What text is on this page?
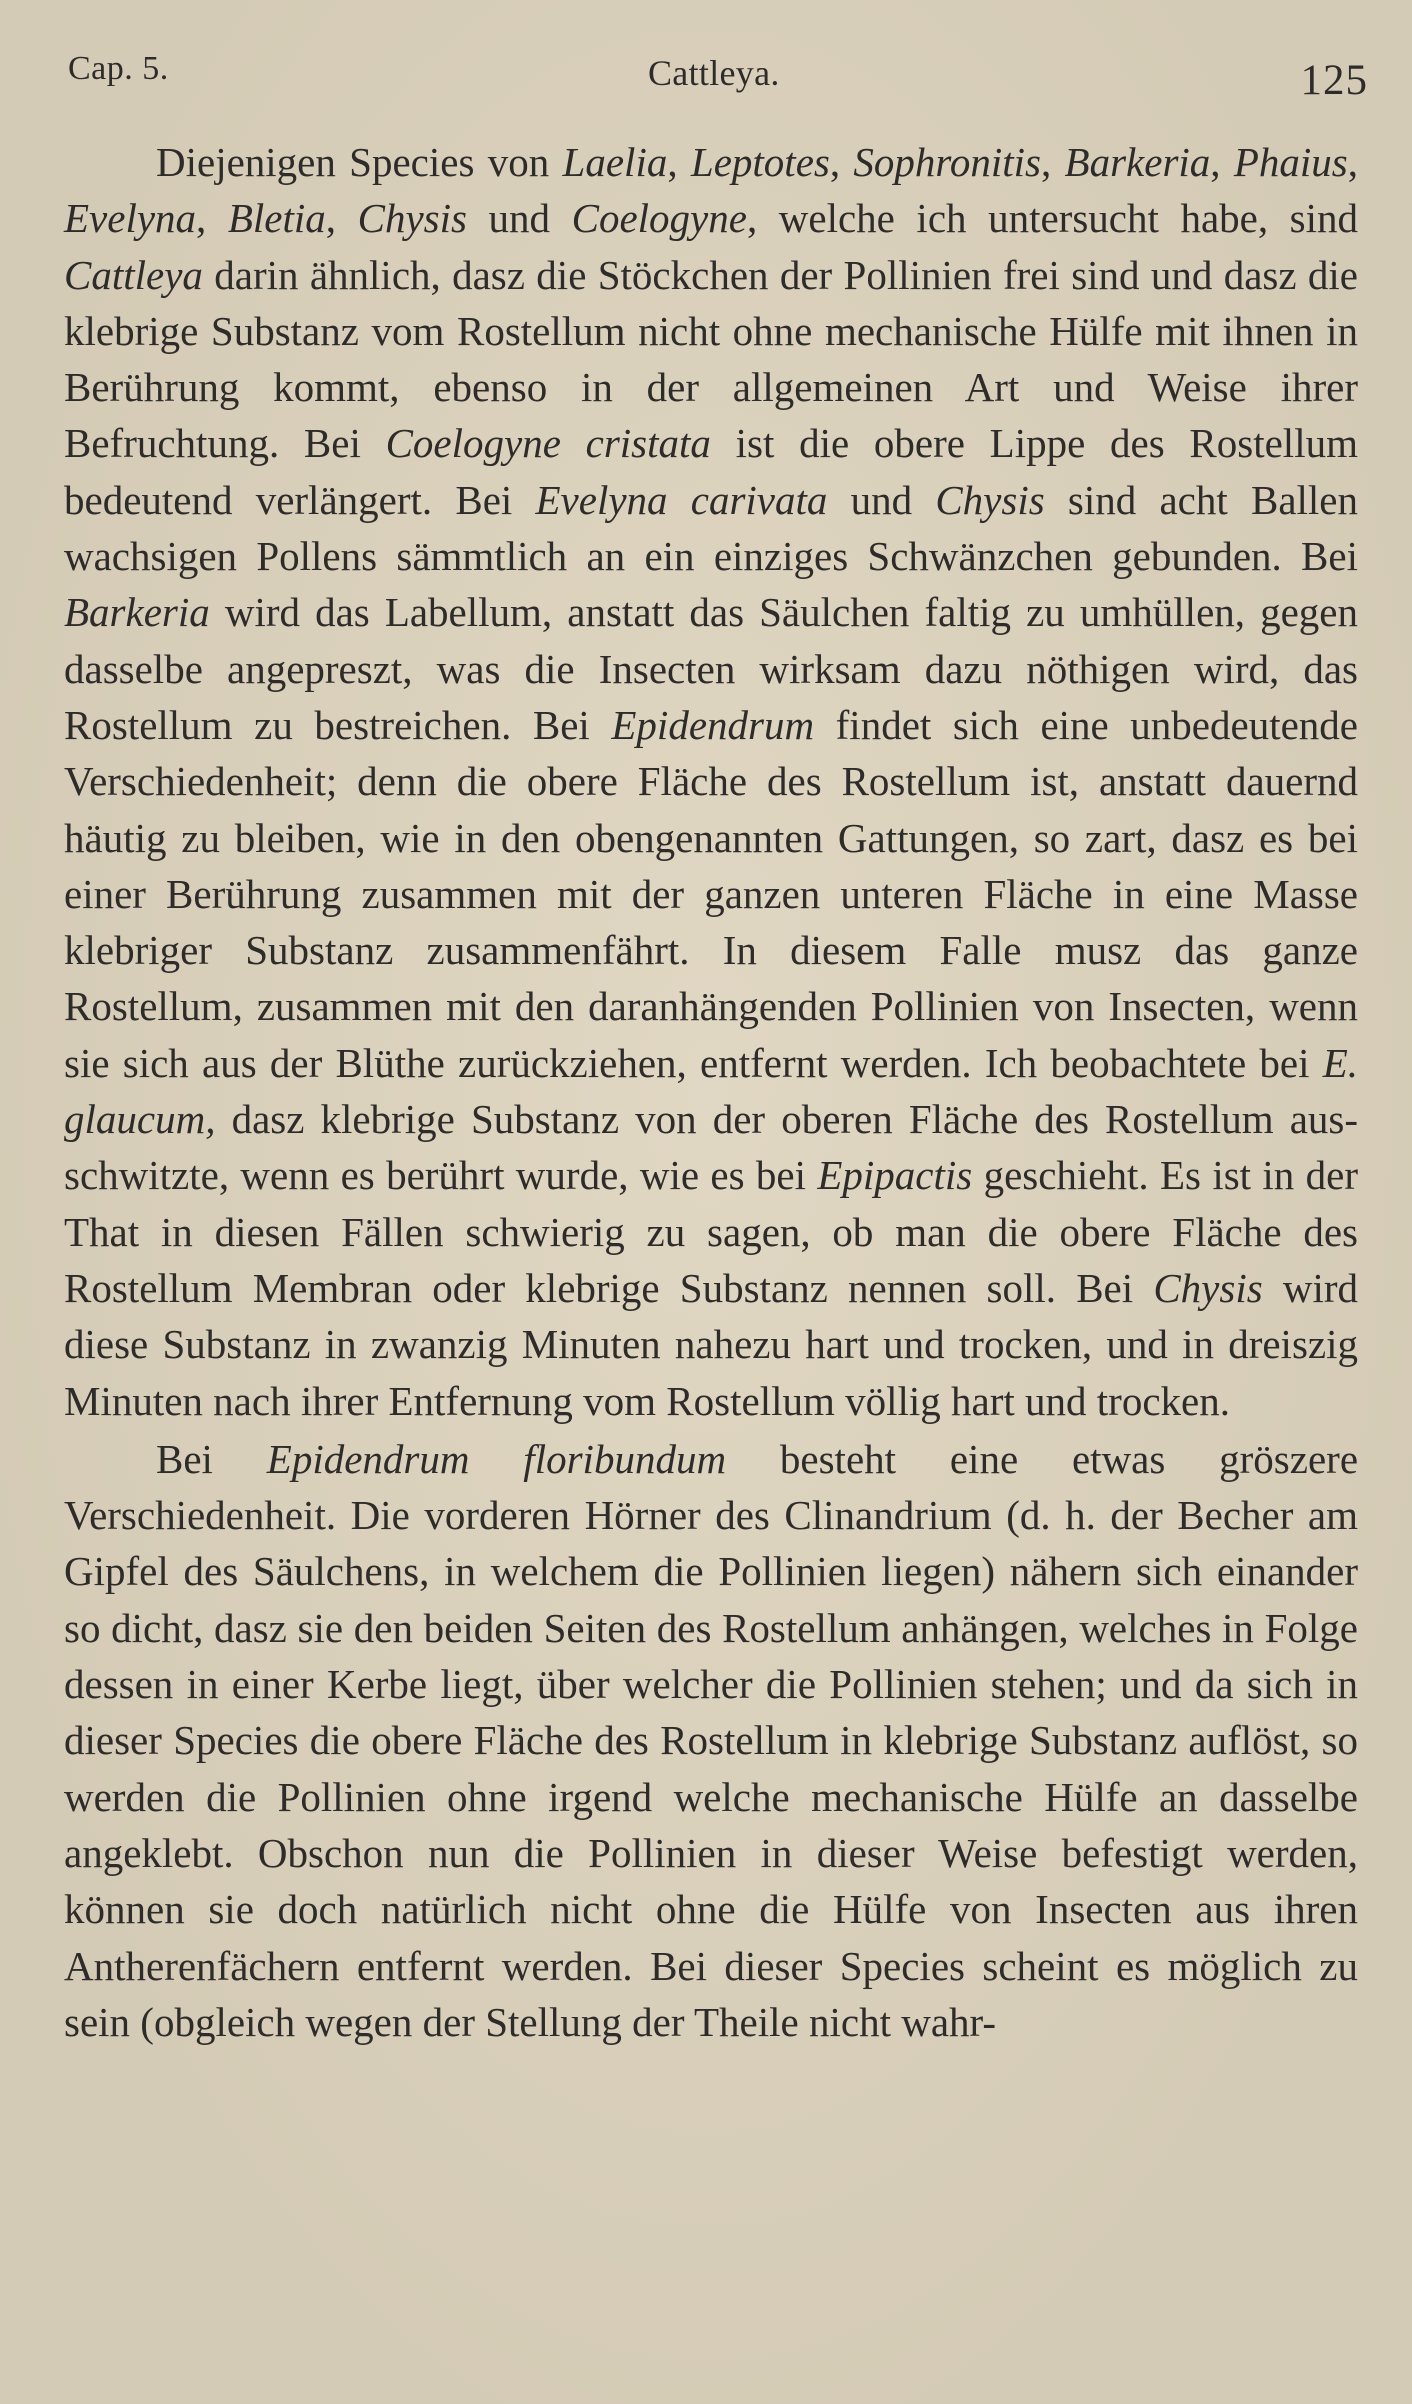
Cap. 5.	Cattleya.	125

Diejenigen Species von Laelia, Leptotes, Sophronitis, Barkeria, Phaius, Evelyna, Bletia, Chysis und Coelogyne, welche ich untersucht habe, sind Cattleya darin ähnlich, dasz die Stöckchen der Pollinien frei sind und dasz die klebrige Substanz vom Rostellum nicht ohne mechanische Hülfe mit ihnen in Berührung kommt, ebenso in der allgemeinen Art und Weise ihrer Befruchtung. Bei Coelogyne cristata ist die obere Lippe des Rostellum bedeutend verlängert. Bei Evelyna carivata und Chysis sind acht Ballen wachsigen Pollens sämmtlich an ein einziges Schwänzchen gebunden. Bei Barkeria wird das Labellum, anstatt das Säulchen faltig zu umhüllen, gegen dasselbe angepreszt, was die Insecten wirksam dazu nöthigen wird, das Rostellum zu bestreichen. Bei Epidendrum findet sich eine unbedeutende Verschiedenheit; denn die obere Fläche des Rostellum ist, anstatt dauernd häutig zu bleiben, wie in den obengenannten Gattungen, so zart, dasz es bei einer Berührung zusammen mit der ganzen unteren Fläche in eine Masse klebriger Substanz zusammenfährt. In diesem Falle musz das ganze Rostellum, zusammen mit den daranhängenden Pollinien von Insecten, wenn sie sich aus der Blüthe zurückziehen, entfernt werden. Ich beobachtete bei E. glaucum, dasz klebrige Substanz von der oberen Fläche des Rostellum aus-schwitzte, wenn es berührt wurde, wie es bei Epipactis geschieht. Es ist in der That in diesen Fällen schwierig zu sagen, ob man die obere Fläche des Rostellum Membran oder klebrige Substanz nennen soll. Bei Chysis wird diese Substanz in zwanzig Minuten nahezu hart und trocken, und in dreiszig Minuten nach ihrer Entfernung vom Rostellum völlig hart und trocken.

Bei Epidendrum floribundum besteht eine etwas gröszere Verschiedenheit. Die vorderen Hörner des Clinandrium (d. h. der Becher am Gipfel des Säulchens, in welchem die Pollinien liegen) nähern sich einander so dicht, dasz sie den beiden Seiten des Rostellum anhängen, welches in Folge dessen in einer Kerbe liegt, über welcher die Pollinien stehen; und da sich in dieser Species die obere Fläche des Rostellum in klebrige Substanz auflöst, so werden die Pollinien ohne irgend welche mechanische Hülfe an dasselbe angeklebt. Obschon nun die Pollinien in dieser Weise befestigt werden, können sie doch natürlich nicht ohne die Hülfe von Insecten aus ihren Antherenfächern entfernt werden. Bei dieser Species scheint es möglich zu sein (obgleich wegen der Stellung der Theile nicht wahr-
